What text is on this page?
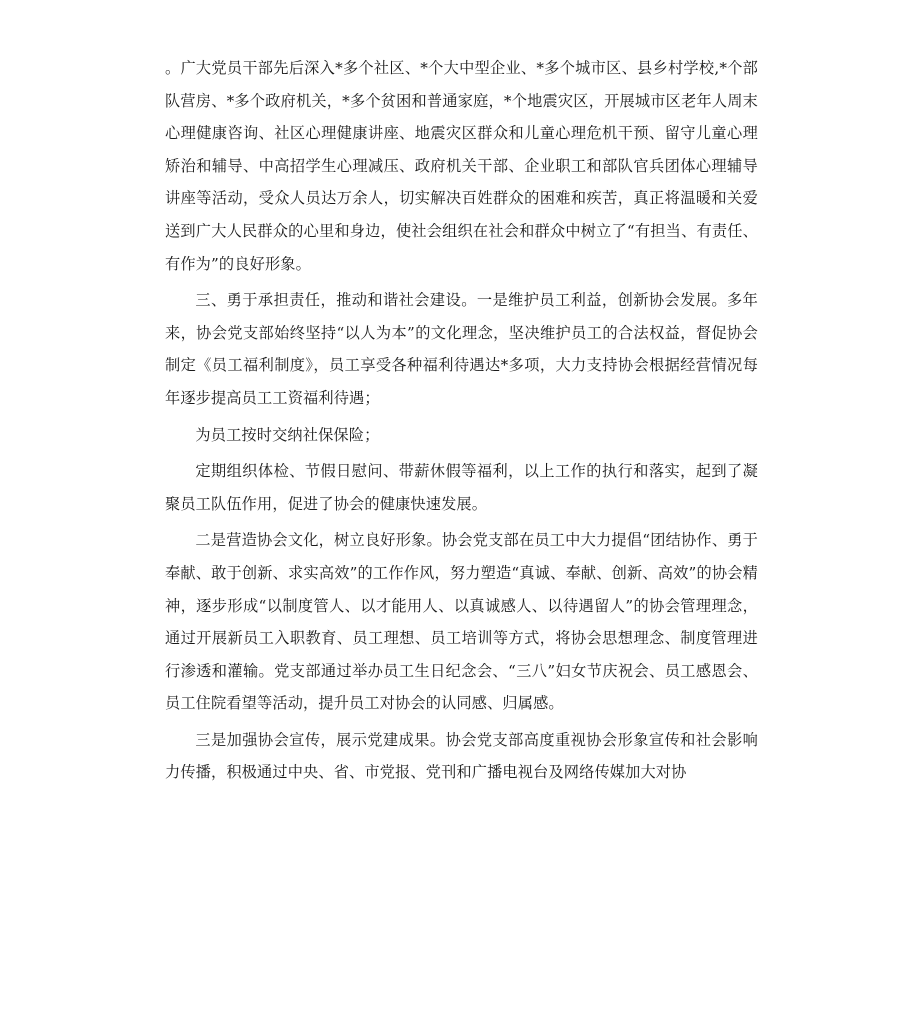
。广大党员干部先后深入*多个社区、*个大中型企业、*多个城市区、县乡村学校,*个部队营房、*多个政府机关，*多个贫困和普通家庭，*个地震灾区，开展城市区老年人周末心理健康咨询、社区心理健康讲座、地震灾区群众和儿童心理危机干预、留守儿童心理矫治和辅导、中高招学生心理减压、政府机关干部、企业职工和部队官兵团体心理辅导讲座等活动，受众人员达万余人，切实解决百姓群众的困难和疾苦，真正将温暖和关爱送到广大人民群众的心里和身边，使社会组织在社会和群众中树立了“有担当、有责任、有作为”的良好形象。

三、勇于承担责任，推动和谐社会建设。一是维护员工利益，创新协会发展。多年来，协会党支部始终坚持“以人为本”的文化理念，坚决维护员工的合法权益，督促协会制定《员工福利制度》，员工享受各种福利待遇达*多项，大力支持协会根据经营情况每年逐步提高员工工资福利待遇；

为员工按时交纳社保保险；

定期组织体检、节假日慰问、带薪休假等福利，以上工作的执行和落实，起到了凝聚员工队伍作用，促进了协会的健康快速发展。

二是营造协会文化，树立良好形象。协会党支部在员工中大力提倡“团结协作、勇于奉献、敢于创新、求实高效”的工作作风，努力塑造“真诚、奉献、创新、高效”的协会精神，逐步形成“以制度管人、以才能用人、以真诚感人、以待遇留人”的协会管理理念，通过开展新员工入职教育、员工理想、员工培训等方式，将协会思想理念、制度管理进行渗透和灌输。党支部通过举办员工生日纪念会、“三八”妇女节庆祝会、员工感恩会、员工住院看望等活动，提升员工对协会的认同感、归属感。

三是加强协会宣传，展示党建成果。协会党支部高度重视协会形象宣传和社会影响力传播，积极通过中央、省、市党报、党刊和广播电视台及网络传媒加大对协
